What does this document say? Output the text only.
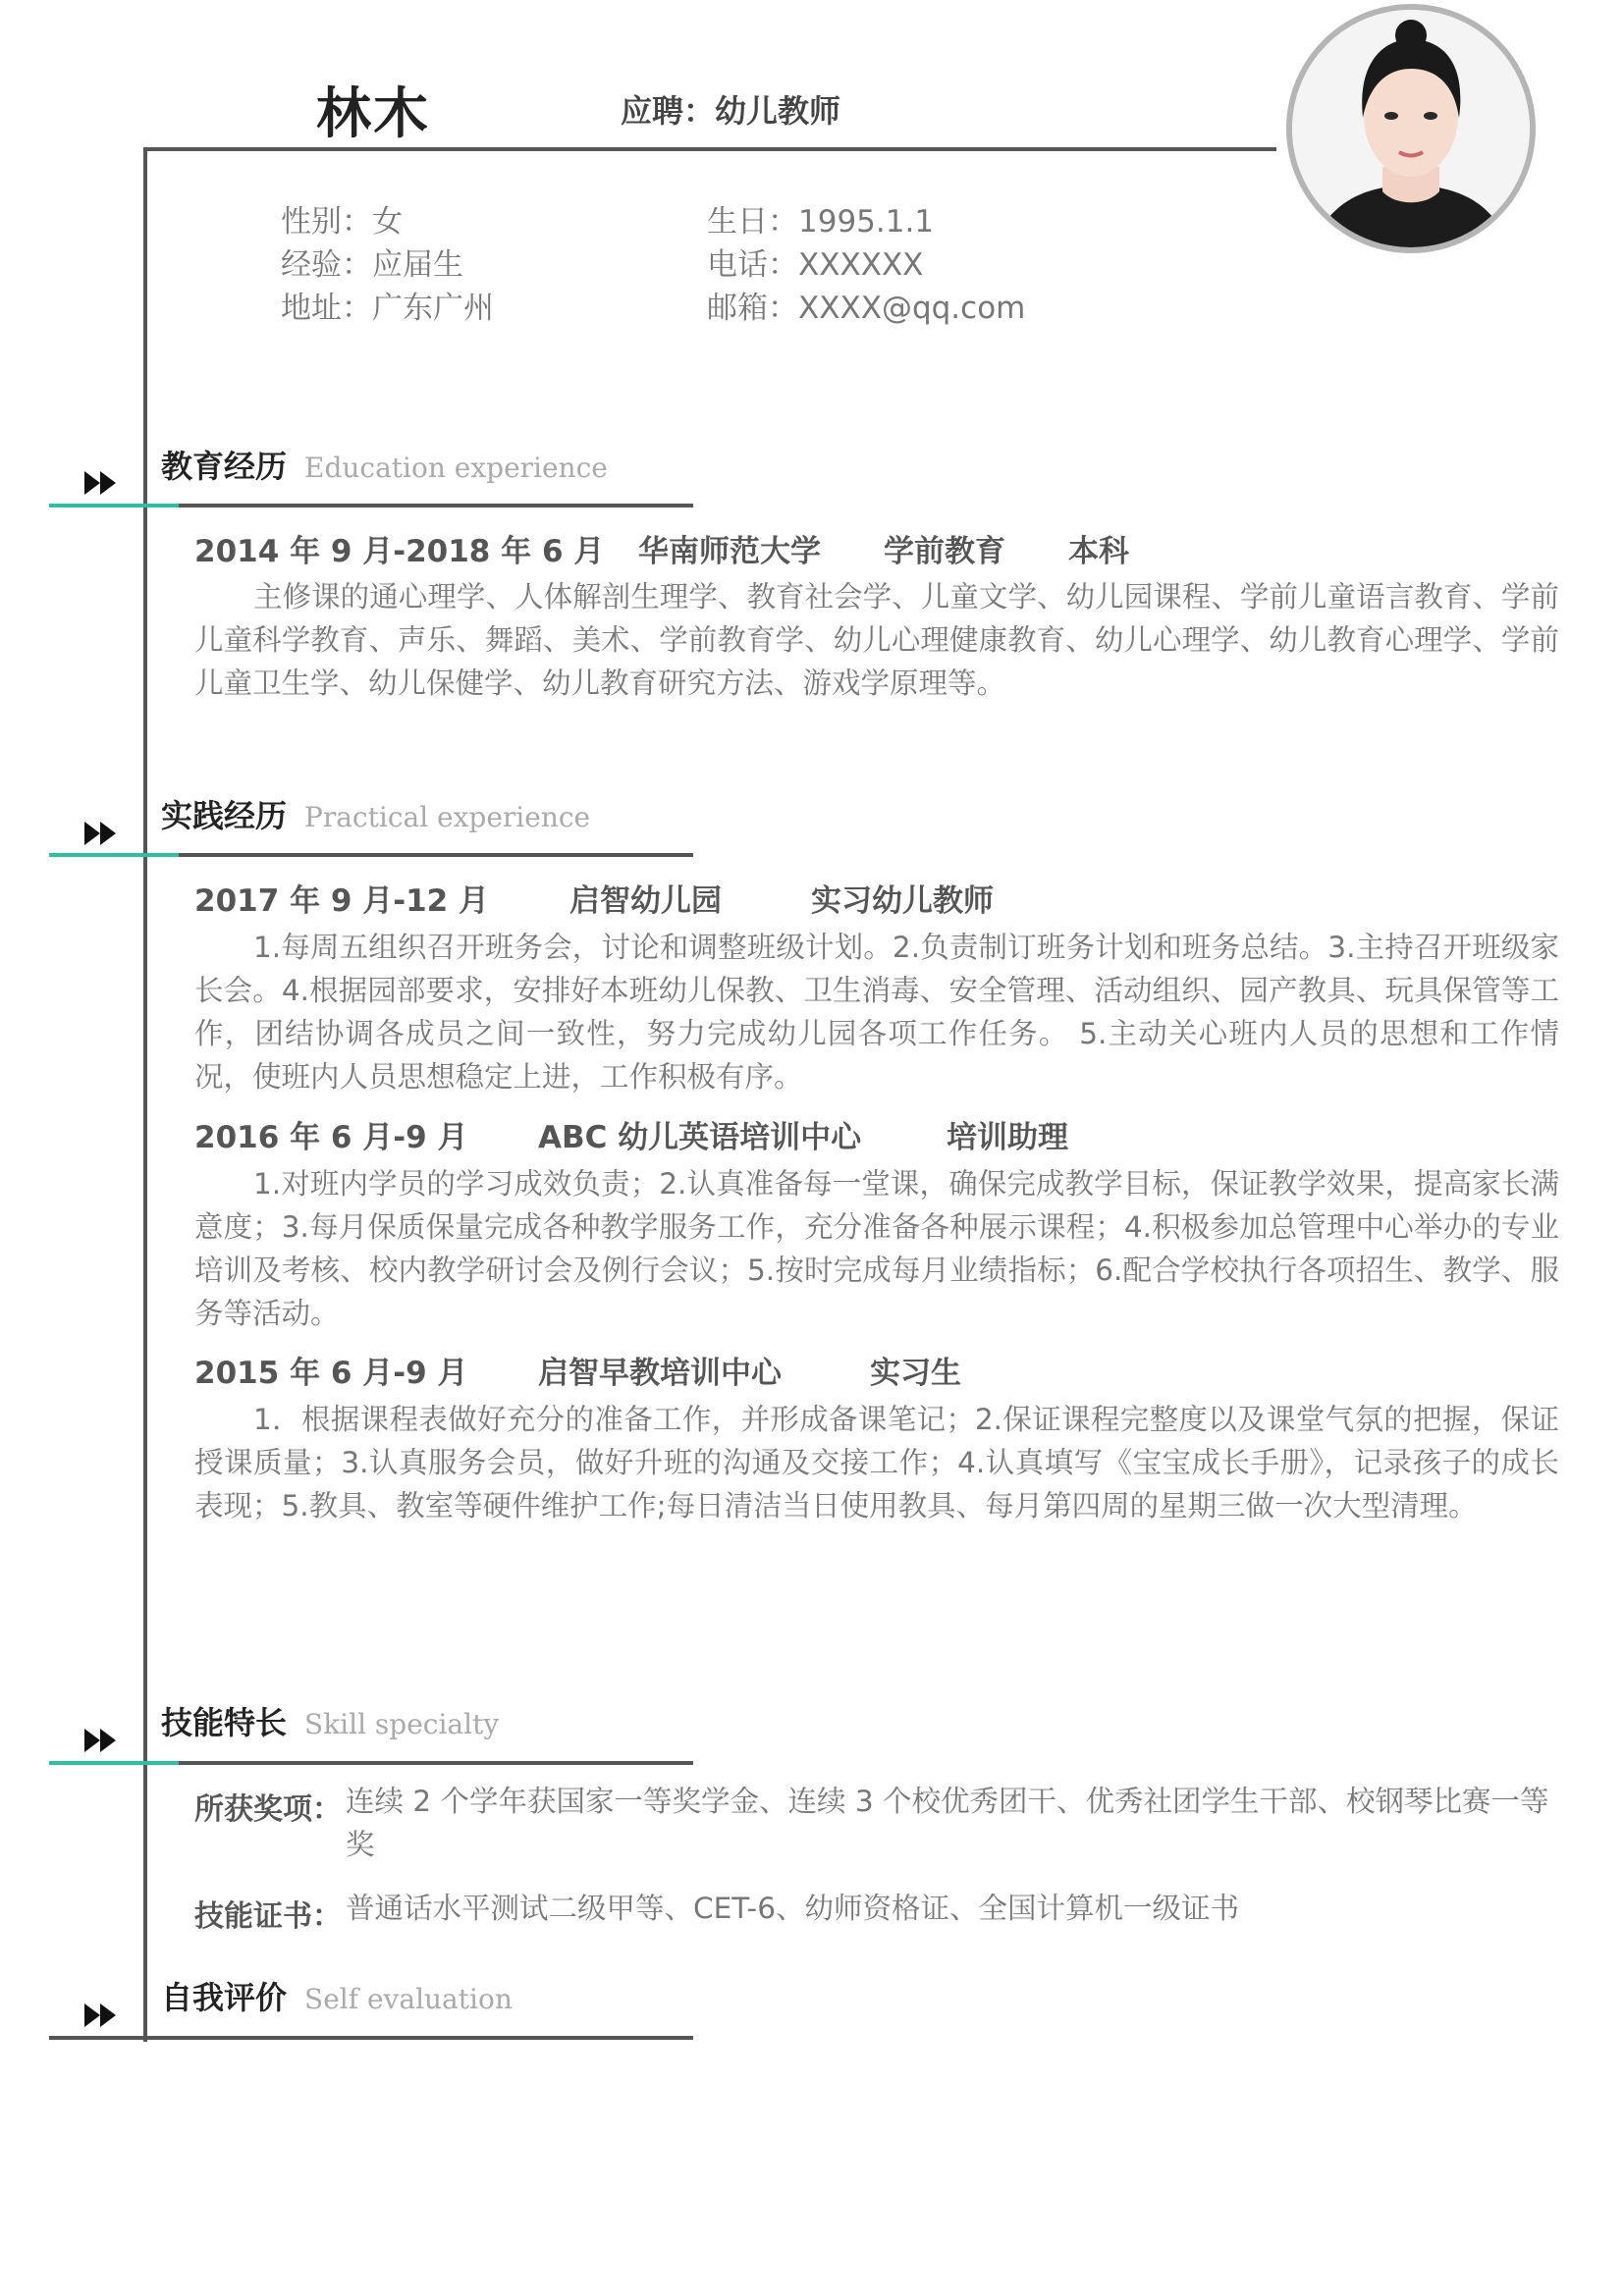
林木	应聘：幼儿教师
性别：女
经验：应届生
地址：广东广州
生日：1995.1.1
电话：XXXXXX
邮箱：XXXX@qq.com
教育经历 Education experience
2014 年 9 月-2018 年 6 月 华南师范大学 学前教育 本科
主修课的通心理学、人体解剖生理学、教育社会学、儿童文学、幼儿园课程、学前儿童语言教育、学前儿童科学教育、声乐、舞蹈、美术、学前教育学、幼儿心理健康教育、幼儿心理学、幼儿教育心理学、学前儿童卫生学、幼儿保健学、幼儿教育研究方法、游戏学原理等。
实践经历 Practical experience
2017 年 9 月-12 月	启智幼儿园	实习幼儿教师
1.每周五组织召开班务会，讨论和调整班级计划。2.负责制订班务计划和班务总结。3.主持召开班级家长会。4.根据园部要求，安排好本班幼儿保教、卫生消毒、安全管理、活动组织、园产教具、玩具保管等工作，团结协调各成员之间一致性，努力完成幼儿园各项工作任务。 5.主动关心班内人员的思想和工作情况，使班内人员思想稳定上进，工作积极有序。
2016 年 6 月-9 月 ABC 幼儿英语培训中心	培训助理
1.对班内学员的学习成效负责；2.认真准备每一堂课，确保完成教学目标，保证教学效果，提高家长满意度；3.每月保质保量完成各种教学服务工作，充分准备各种展示课程；4.积极参加总管理中心举办的专业培训及考核、校内教学研讨会及例行会议；5.按时完成每月业绩指标；6.配合学校执行各项招生、教学、服务等活动。
2015 年 6 月-9 月 启智早教培训中心	实习生
1．根据课程表做好充分的准备工作，并形成备课笔记；2.保证课程完整度以及课堂气氛的把握，保证授课质量；3.认真服务会员，做好升班的沟通及交接工作；4.认真填写《宝宝成长手册》，记录孩子的成长表现；5.教具、教室等硬件维护工作;每日清洁当日使用教具、每月第四周的星期三做一次大型清理。
技能特长 Skill specialty
所获奖项： 连续 2 个学年获国家一等奖学金、连续 3 个校优秀团干、优秀社团学生干部、校钢琴比赛一等奖
技能证书： 普通话水平测试二级甲等、CET-6、幼师资格证、全国计算机一级证书
自我评价 Self evaluation
